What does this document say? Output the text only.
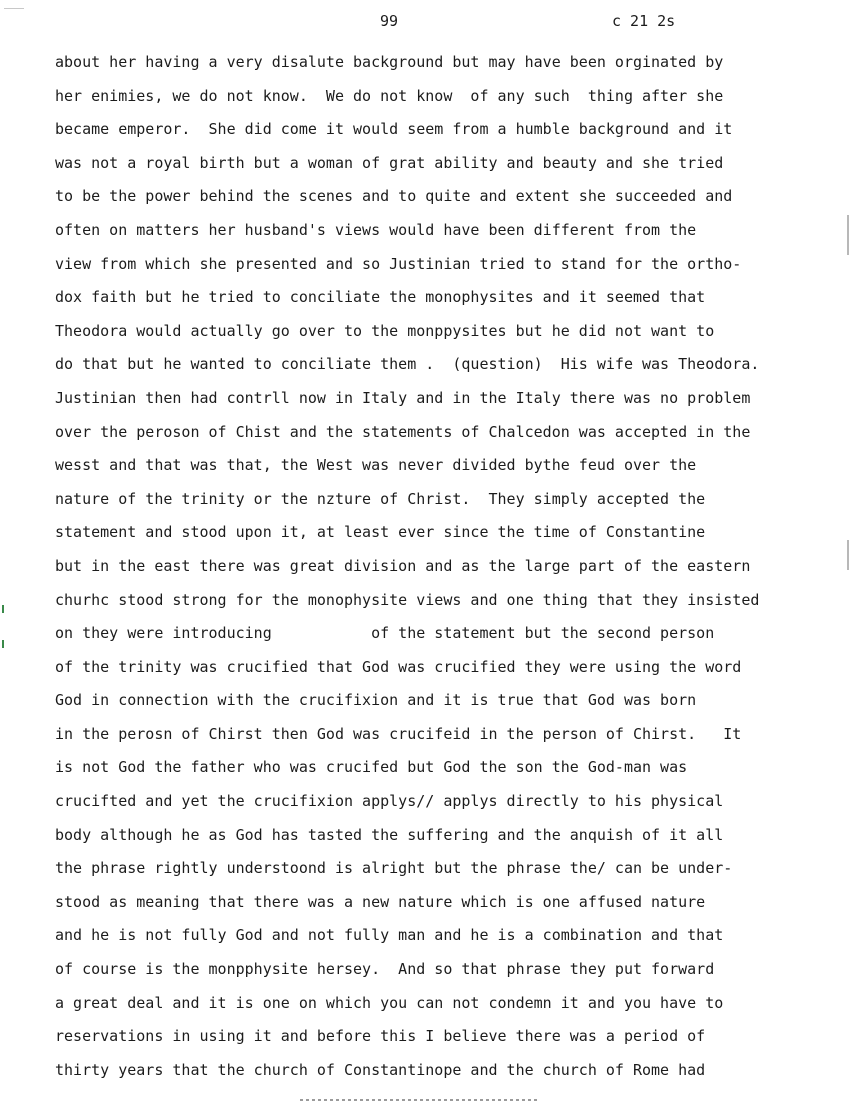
99	c 21 2s
about her having a very disalute background but may have been orginated by
her enimies, we do not know.  We do not know  of any such  thing after she
became emperor.  She did come it would seem from a humble background and it
was not a royal birth but a woman of grat ability and beauty and she tried
to be the power behind the scenes and to quite and extent she succeeded and
often on matters her husband's views would have been different from the
view from which she presented and so Justinian tried to stand for the ortho-
dox faith but he tried to conciliate the monophysites and it seemed that
Theodora would actually go over to the monppysites but he did not want to
do that but he wanted to conciliate them .  (question)  His wife was Theodora.
Justinian then had contrll now in Italy and in the Italy there was no problem
over the peroson of Chist and the statements of Chalcedon was accepted in the
wesst and that was that, the West was never divided bythe feud over the
nature of the trinity or the nzture of Christ.  They simply accepted the
statement and stood upon it, at least ever since the time of Constantine
but in the east there was great division and as the large part of the eastern
churhc stood strong for the monophysite views and one thing that they insisted
on they were introducing           of the statement but the second person
of the trinity was crucified that God was crucified they were using the word
God in connection with the crucifixion and it is true that God was born
in the perosn of Chirst then God was crucifeid in the person of Chirst.   It
is not God the father who was crucifed but God the son the God-man was
crucifted and yet the crucifixion applys// applys directly to his physical
body although he as God has tasted the suffering and the anquish of it all
the phrase rightly understoond is alright but the phrase the/ can be under-
stood as meaning that there was a new nature which is one affused nature
and he is not fully God and not fully man and he is a combination and that
of course is the monpphysite hersey.  And so that phrase they put forward
a great deal and it is one on which you can not condemn it and you have to
reservations in using it and before this I believe there was a period of
thirty years that the church of Constantinope and the church of Rome had
